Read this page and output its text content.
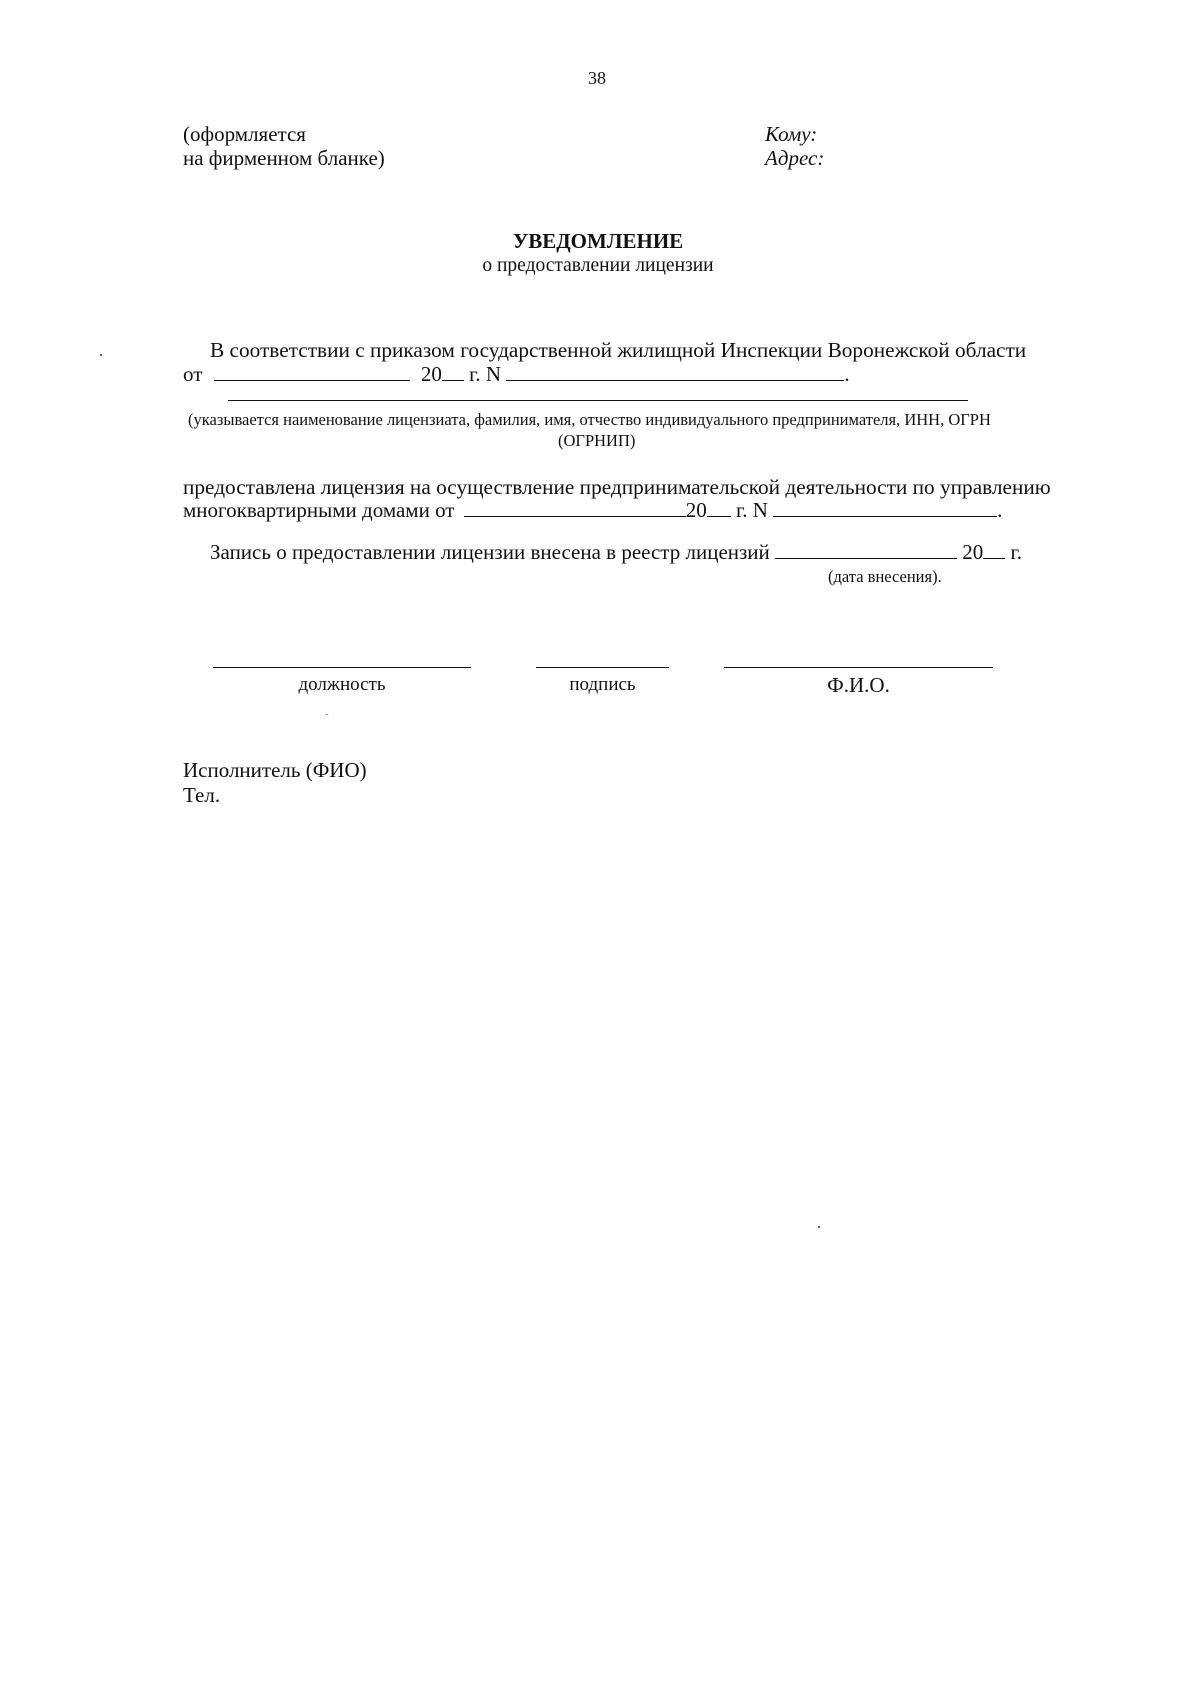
38
(оформляется
на фирменном бланке)
Кому:
Адрес:
УВЕДОМЛЕНИЕ
о предоставлении лицензии
˜
В соответствии с приказом государственной жилищной Инспекции Воронежской области
от	20 г. N	.
(указывается наименование лицензиата, фамилия, имя, отчество индивидуального предпринимателя, ИНН, ОГРН
(ОГРНИП)
предоставлена лицензия на осуществление предпринимательской деятельности по управлению
многоквартирными домами от	20 г. N	.
Запись о предоставлении лицензии внесена в реестр лицензий	20 г.
(дата внесения).
должность	подпись	Ф.И.О.
Исполнитель (ФИО)
Тел.
